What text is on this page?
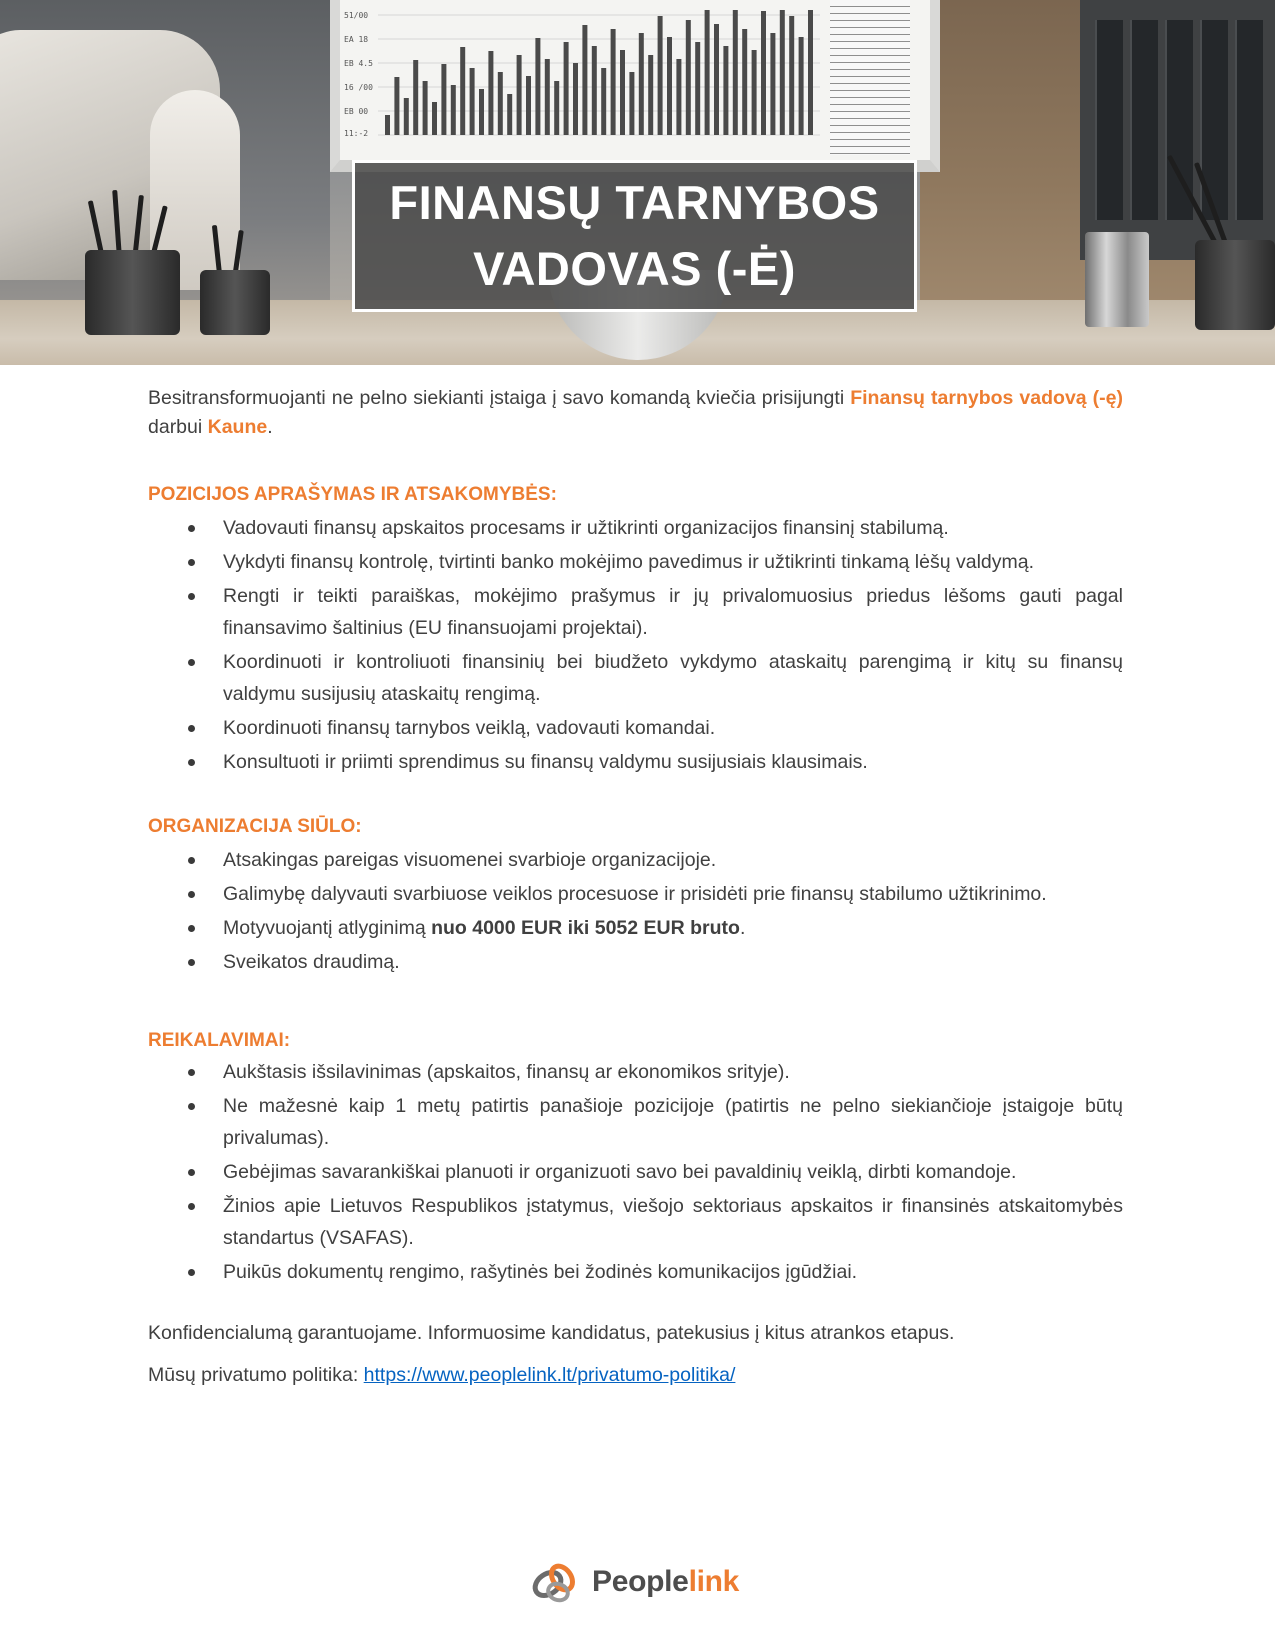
51/00
EA 18
EB 4.5
16 /00
EB 00
11:-2
FINANSŲ TARNYBOS
VADOVAS (-Ė)

Besitransformuojanti ne pelno siekianti įstaiga į savo komandą kviečia prisijungti Finansų tarnybos vadovą (-ę) darbui Kaune.

POZICIJOS APRAŠYMAS IR ATSAKOMYBĖS:
Vadovauti finansų apskaitos procesams ir užtikrinti organizacijos finansinį stabilumą.
Vykdyti finansų kontrolę, tvirtinti banko mokėjimo pavedimus ir užtikrinti tinkamą lėšų valdymą.
Rengti ir teikti paraiškas, mokėjimo prašymus ir jų privalomuosius priedus lėšoms gauti pagal finansavimo šaltinius (EU finansuojami projektai).
Koordinuoti ir kontroliuoti finansinių bei biudžeto vykdymo ataskaitų parengimą ir kitų su finansų valdymu susijusių ataskaitų rengimą.
Koordinuoti finansų tarnybos veiklą, vadovauti komandai.
Konsultuoti ir priimti sprendimus su finansų valdymu susijusiais klausimais.
ORGANIZACIJA SIŪLO:
Atsakingas pareigas visuomenei svarbioje organizacijoje.
Galimybę dalyvauti svarbiuose veiklos procesuose ir prisidėti prie finansų stabilumo užtikrinimo.
Motyvuojantį atlyginimą nuo 4000 EUR iki 5052 EUR bruto.
Sveikatos draudimą.
REIKALAVIMAI:
Aukštasis išsilavinimas (apskaitos, finansų ar ekonomikos srityje).
Ne mažesnė kaip 1 metų patirtis panašioje pozicijoje (patirtis ne pelno siekiančioje įstaigoje būtų privalumas).
Gebėjimas savarankiškai planuoti ir organizuoti savo bei pavaldinių veiklą, dirbti komandoje.
Žinios apie Lietuvos Respublikos įstatymus, viešojo sektoriaus apskaitos ir finansinės atskaitomybės standartus (VSAFAS).
Puikūs dokumentų rengimo, rašytinės bei žodinės komunikacijos įgūdžiai.

Konfidencialumą garantuojame. Informuosime kandidatus, patekusius į kitus atrankos etapus.

Mūsų privatumo politika: https://www.peoplelink.lt/privatumo-politika/

Peoplelink
